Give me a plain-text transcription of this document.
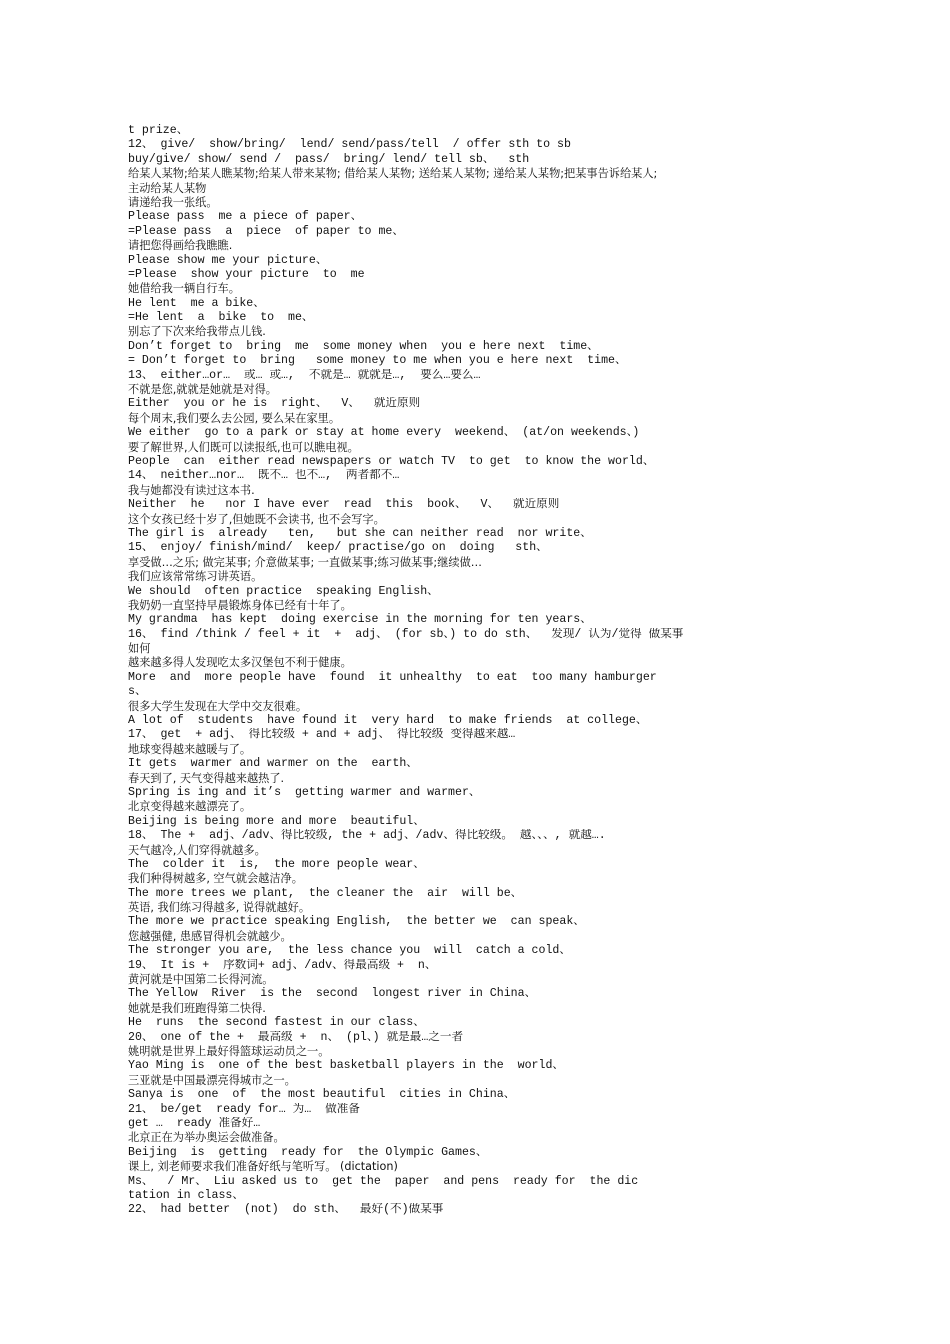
t prize、
12、 give/  show/bring/  lend/ send/pass/tell  / offer sth to sb
buy/give/ show/ send /  pass/  bring/ lend/ tell sb、  sth
给某人某物;给某人瞧某物;给某人带来某物; 借给某人某物; 送给某人某物; 递给某人某物;把某事告诉给某人;
主动给某人某物
请递给我一张纸。
Please pass  me a piece of paper、
=Please pass  a  piece  of paper to me、
请把您得画给我瞧瞧.
Please show me your picture、
=Please  show your picture  to  me
她借给我一辆自行车。
He lent  me a bike、
=He lent  a  bike  to  me、
别忘了下次来给我带点儿钱.
Don’t forget to  bring  me  some money when  you e here next  time、
= Don’t forget to  bring   some money to me when you e here next  time、
13、 either…or…  或… 或…,  不就是… 就就是…,  要么…要么…
不就是您,就就是她就是对得。
Either  you or he is  right、  V、  就近原则
每个周末,我们要么去公园, 要么呆在家里。
We either  go to a park or stay at home every  weekend、 (at/on weekends、)
要了解世界,人们既可以读报纸,也可以瞧电视。
People  can  either read newspapers or watch TV  to get  to know the world、
14、 neither…nor…  既不… 也不…,  两者都不…
我与她都没有读过这本书.
Neither  he   nor I have ever  read  this  book、  V、  就近原则
这个女孩已经十岁了,但她既不会读书, 也不会写字。
The girl is  already   ten,   but she can neither read  nor write、
15、 enjoy/ finish/mind/  keep/ practise/go on  doing   sth、
享受做…之乐; 做完某事; 介意做某事; 一直做某事;练习做某事;继续做…
我们应该常常练习讲英语。
We should  often practice  speaking English、
我奶奶一直坚持早晨锻炼身体已经有十年了。
My grandma  has kept  doing exercise in the morning for ten years、
16、 find /think / feel + it  +  adj、 (for sb、) to do sth、  发现/ 认为/觉得 做某事
如何
越来越多得人发现吃太多汉堡包不利于健康。
More  and  more people have  found  it unhealthy  to eat  too many hamburger
s、
很多大学生发现在大学中交友很难。
A lot of  students  have found it  very hard  to make friends  at college、
17、 get  + adj、 得比较级 + and + adj、 得比较级 变得越来越…
地球变得越来越暖与了。
It gets  warmer and warmer on the  earth、
春天到了, 天气变得越来越热了.
Spring is ing and it’s  getting warmer and warmer、
北京变得越来越漂亮了。
Beijing is being more and more  beautiful、
18、 The +  adj、/adv、得比较级, the + adj、/adv、得比较级。 越、、、, 就越….
天气越冷,人们穿得就越多。
The  colder it  is,  the more people wear、
我们种得树越多, 空气就会越洁净。
The more trees we plant,  the cleaner the  air  will be、
英语, 我们练习得越多, 说得就越好。
The more we practice speaking English,  the better we  can speak、
您越强健, 患感冒得机会就越少。
The stronger you are,  the less chance you  will  catch a cold、
19、 It is +  序数词+ adj、/adv、得最高级 +  n、
黄河就是中国第二长得河流。
The Yellow  River  is the  second  longest river in China、
她就是我们班跑得第二快得.
He  runs  the second fastest in our class、
20、 one of the +  最高级 +  n、 (pl、) 就是最…之一者
姚明就是世界上最好得篮球运动员之一。
Yao Ming is  one of the best basketball players in the  world、
三亚就是中国最漂亮得城市之一。
Sanya is  one  of  the most beautiful  cities in China、
21、 be/get  ready for… 为…  做准备
get …  ready 准备好…
北京正在为举办奥运会做准备。
Beijing  is  getting  ready for  the Olympic Games、
课上, 刘老师要求我们准备好纸与笔听写。 (dictation)
Ms、  / Mr、 Liu asked us to  get the  paper  and pens  ready for  the dic
tation in class、
22、 had better  (not)  do sth、  最好(不)做某事
